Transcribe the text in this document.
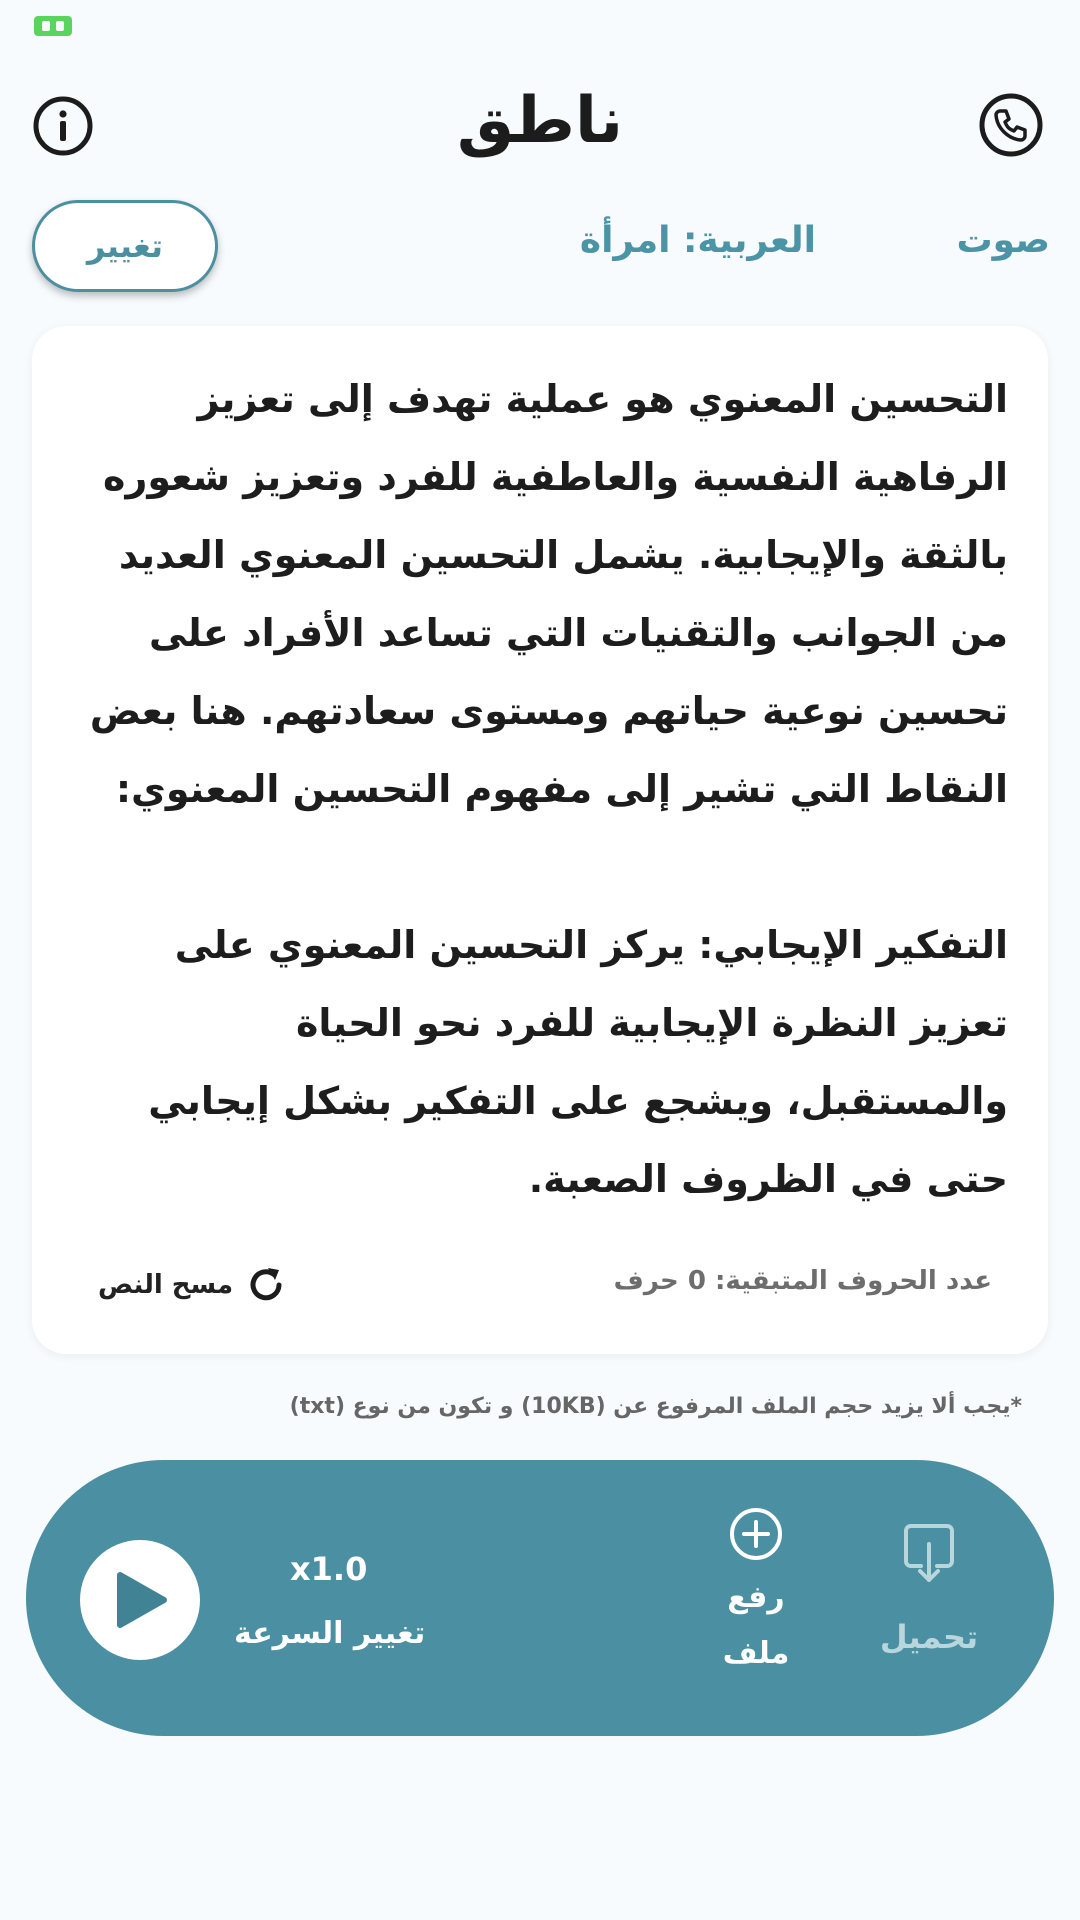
ناطق
تغيير	العربية: امرأة	صوت

التحسين المعنوي هو عملية تهدف إلى تعزيز الرفاهية النفسية والعاطفية للفرد وتعزيز شعوره بالثقة والإيجابية. يشمل التحسين المعنوي العديد من الجوانب والتقنيات التي تساعد الأفراد على تحسين نوعية حياتهم ومستوى سعادتهم. هنا بعض النقاط التي تشير إلى مفهوم التحسين المعنوي:

التفكير الإيجابي: يركز التحسين المعنوي على تعزيز النظرة الإيجابية للفرد نحو الحياة والمستقبل، ويشجع على التفكير بشكل إيجابي حتى في الظروف الصعبة.

عدد الحروف المتبقية: 0 حرف
مسح النص
*يجب ألا يزيد حجم الملف المرفوع عن (10KB) و تكون من نوع (txt)
x1.0
تغيير السرعة
رفع
ملف	تحميل
